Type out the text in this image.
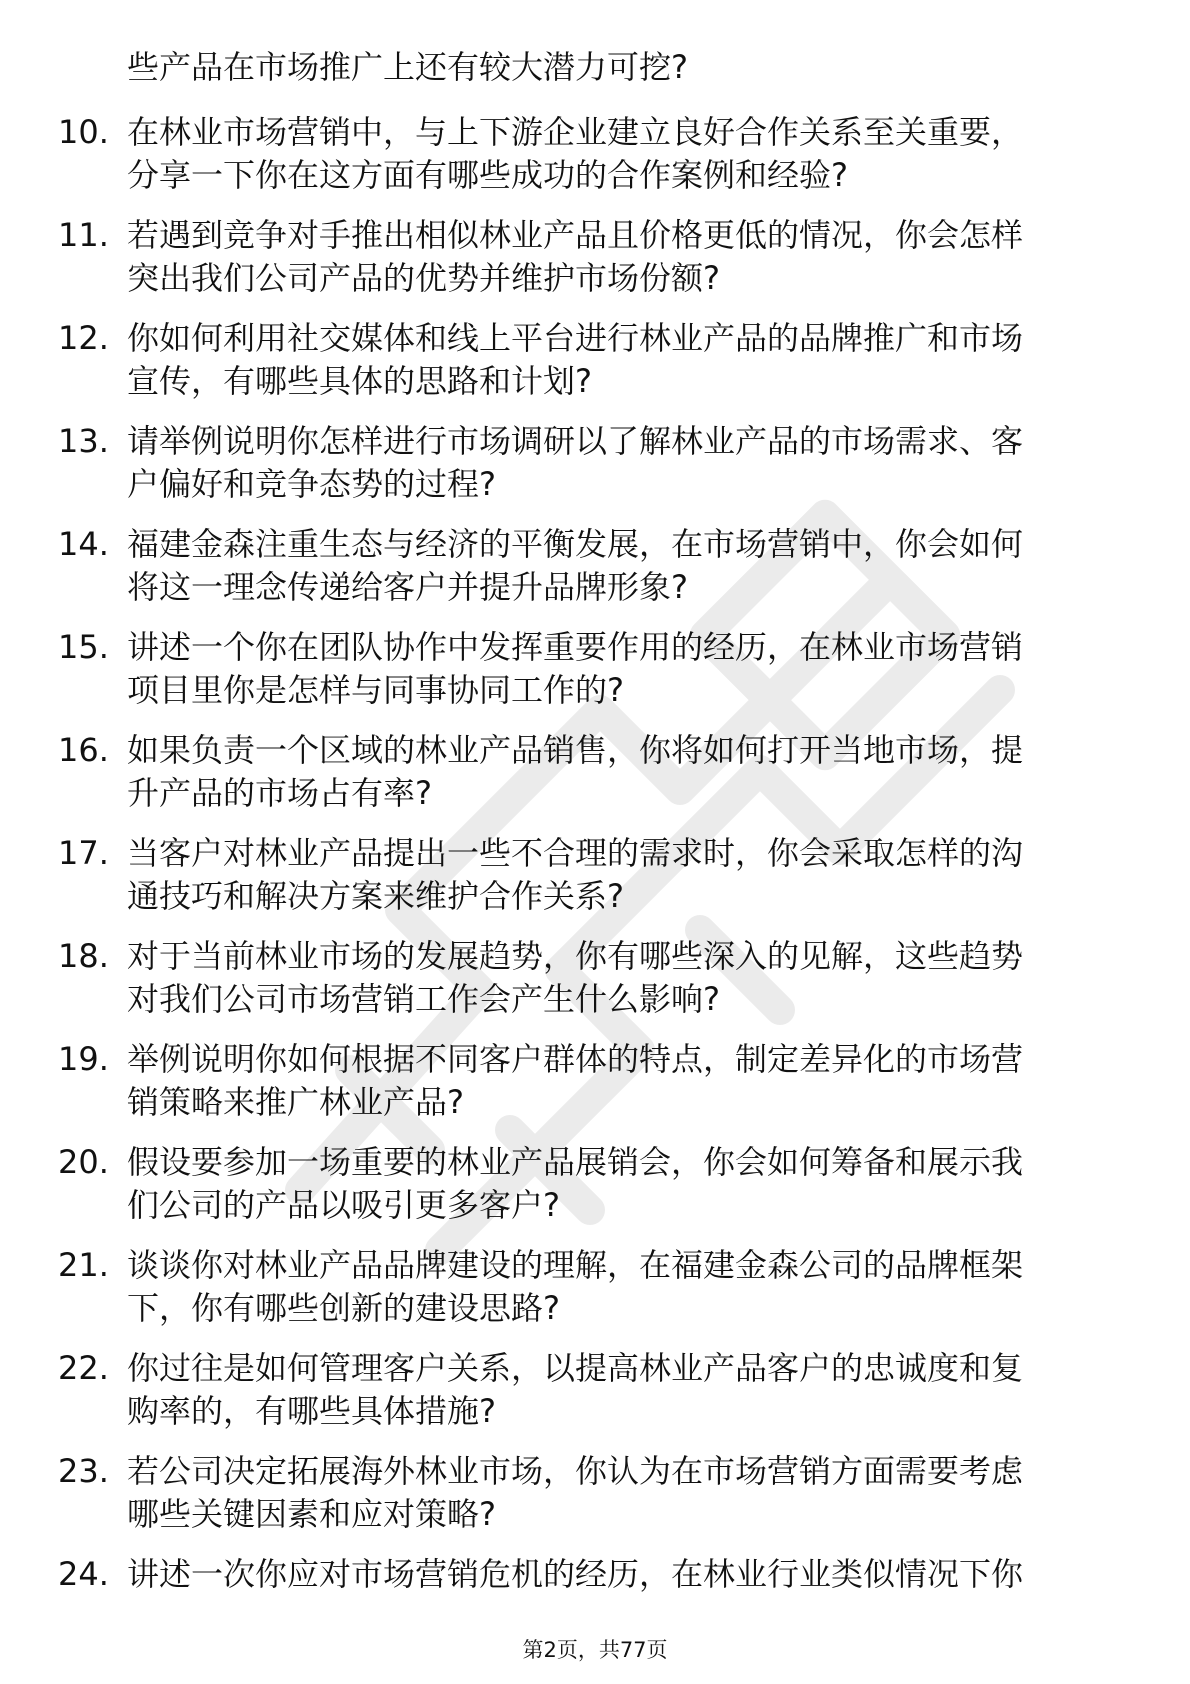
些产品在市场推广上还有较大潜力可挖?
10. 在林业市场营销中，与上下游企业建立良好合作关系至关重要，
分享一下你在这方面有哪些成功的合作案例和经验?
11. 若遇到竞争对手推出相似林业产品且价格更低的情况，你会怎样
突出我们公司产品的优势并维护市场份额?
12. 你如何利用社交媒体和线上平台进行林业产品的品牌推广和市场
宣传，有哪些具体的思路和计划?
13. 请举例说明你怎样进行市场调研以了解林业产品的市场需求、客
户偏好和竞争态势的过程?
14. 福建金森注重生态与经济的平衡发展，在市场营销中，你会如何
将这一理念传递给客户并提升品牌形象?
15. 讲述一个你在团队协作中发挥重要作用的经历，在林业市场营销
项目里你是怎样与同事协同工作的?
16. 如果负责一个区域的林业产品销售，你将如何打开当地市场，提
升产品的市场占有率?
17. 当客户对林业产品提出一些不合理的需求时，你会采取怎样的沟
通技巧和解决方案来维护合作关系?
18. 对于当前林业市场的发展趋势，你有哪些深入的见解，这些趋势
对我们公司市场营销工作会产生什么影响?
19. 举例说明你如何根据不同客户群体的特点，制定差异化的市场营
销策略来推广林业产品?
20. 假设要参加一场重要的林业产品展销会，你会如何筹备和展示我
们公司的产品以吸引更多客户?
21. 谈谈你对林业产品品牌建设的理解，在福建金森公司的品牌框架
下，你有哪些创新的建设思路?
22. 你过往是如何管理客户关系，以提高林业产品客户的忠诚度和复
购率的，有哪些具体措施?
23. 若公司决定拓展海外林业市场，你认为在市场营销方面需要考虑
哪些关键因素和应对策略?
24. 讲述一次你应对市场营销危机的经历，在林业行业类似情况下你
第2页，共77页
